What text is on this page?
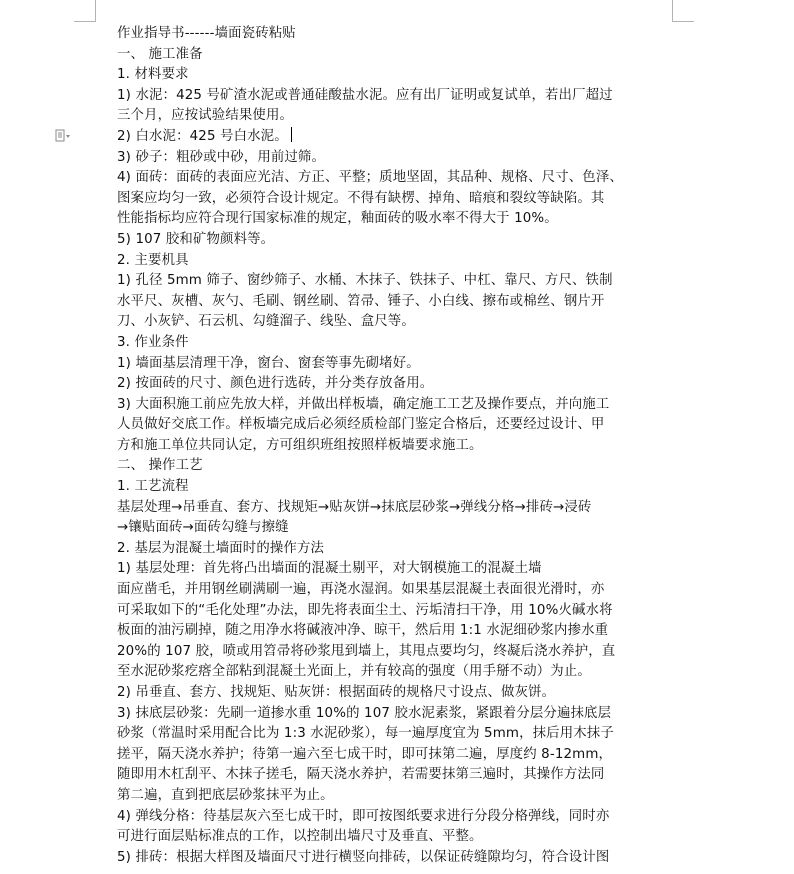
作业指导书------墙面瓷砖粘贴
一、 施工准备
1. 材料要求
1) 水泥：425 号矿渣水泥或普通硅酸盐水泥。应有出厂证明或复试单，若出厂超过
三个月，应按试验结果使用。
2) 白水泥：425 号白水泥。
3) 砂子：粗砂或中砂，用前过筛。
4) 面砖：面砖的表面应光洁、方正、平整；质地坚固，其品种、规格、尺寸、色泽、
图案应均匀一致，必须符合设计规定。不得有缺楞、掉角、暗痕和裂纹等缺陷。其
性能指标均应符合现行国家标准的规定，釉面砖的吸水率不得大于 10%。
5) 107 胶和矿物颜料等。
2. 主要机具
1) 孔径 5mm 筛子、窗纱筛子、水桶、木抹子、铁抹子、中杠、靠尺、方尺、铁制
水平尺、灰槽、灰勺、毛刷、钢丝刷、笤帚、锤子、小白线、擦布或棉丝、钢片开
刀、小灰铲、石云机、勾缝溜子、线坠、盒尺等。
3. 作业条件
1) 墙面基层清理干净，窗台、窗套等事先砌堵好。
2) 按面砖的尺寸、颜色进行选砖，并分类存放备用。
3) 大面积施工前应先放大样，并做出样板墙，确定施工工艺及操作要点，并向施工
人员做好交底工作。样板墙完成后必须经质检部门鉴定合格后，还要经过设计、甲
方和施工单位共同认定，方可组织班组按照样板墙要求施工。
二、 操作工艺
1. 工艺流程
基层处理→吊垂直、套方、找规矩→贴灰饼→抹底层砂浆→弹线分格→排砖→浸砖
→镶贴面砖→面砖勾缝与擦缝
2. 基层为混凝土墙面时的操作方法
1) 基层处理：首先将凸出墙面的混凝土剔平，对大钢模施工的混凝土墙
面应凿毛，并用钢丝刷满刷一遍，再浇水湿润。如果基层混凝土表面很光滑时，亦
可采取如下的“毛化处理”办法，即先将表面尘土、污垢清扫干净，用 10%火碱水将
板面的油污刷掉，随之用净水将碱液冲净、晾干，然后用 1:1 水泥细砂浆内掺水重
20%的 107 胶，喷或用笤帚将砂浆甩到墙上，其甩点要均匀，终凝后浇水养护，直
至水泥砂浆疙瘩全部粘到混凝土光面上，并有较高的强度（用手掰不动）为止。
2) 吊垂直、套方、找规矩、贴灰饼：根据面砖的规格尺寸设点、做灰饼。
3) 抹底层砂浆：先刷一道掺水重 10%的 107 胶水泥素浆，紧跟着分层分遍抹底层
砂浆（常温时采用配合比为 1:3 水泥砂浆），每一遍厚度宜为 5mm，抹后用木抹子
搓平，隔天浇水养护；待第一遍六至七成干时，即可抹第二遍，厚度约 8-12mm，
随即用木杠刮平、木抹子搓毛，隔天浇水养护，若需要抹第三遍时，其操作方法同
第二遍，直到把底层砂浆抹平为止。
4) 弹线分格：待基层灰六至七成干时，即可按图纸要求进行分段分格弹线，同时亦
可进行面层贴标准点的工作，以控制出墙尺寸及垂直、平整。
5) 排砖：根据大样图及墙面尺寸进行横竖向排砖，以保证砖缝隙均匀，符合设计图
